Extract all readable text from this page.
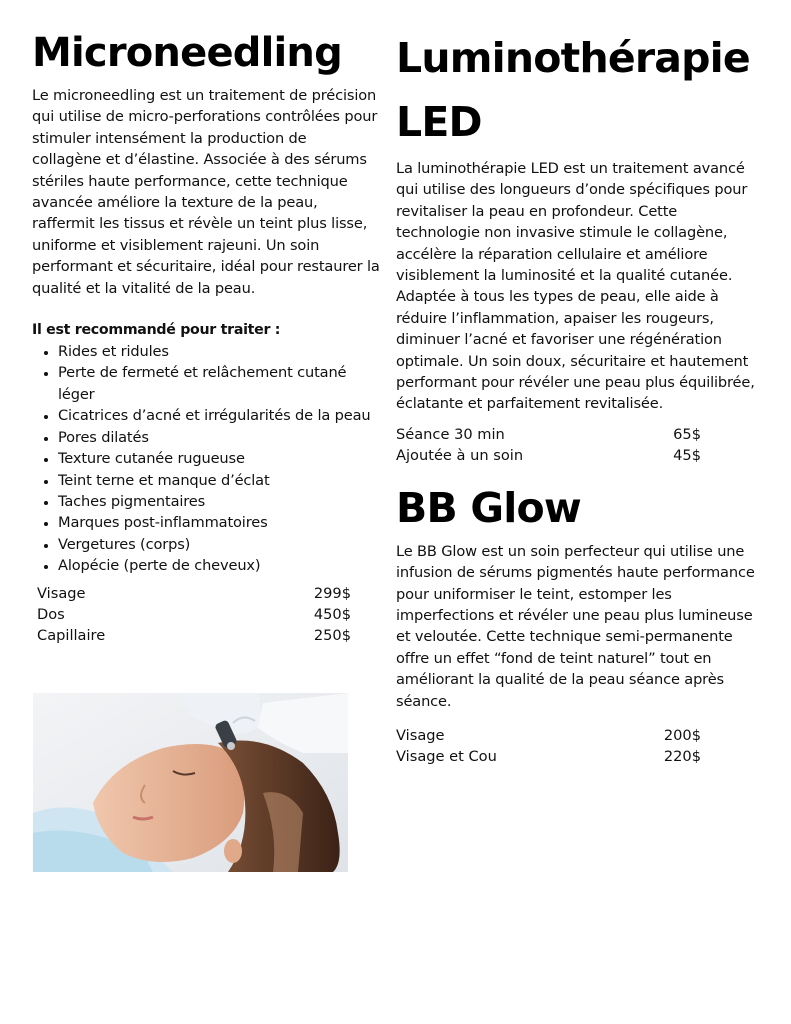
Microneedling

Le microneedling est un traitement de précision qui utilise de micro-perforations contrôlées pour stimuler intensément la production de collagène et d’élastine. Associée à des sérums stériles haute performance, cette technique avancée améliore la texture de la peau, raffermit les tissus et révèle un teint plus lisse, uniforme et visiblement rajeuni. Un soin performant et sécuritaire, idéal pour restaurer la qualité et la vitalité de la peau.

Il est recommandé pour traiter :
• Rides et ridules
• Perte de fermeté et relâchement cutané léger
• Cicatrices d’acné et irrégularités de la peau
• Pores dilatés
• Texture cutanée rugueuse
• Teint terne et manque d’éclat
• Taches pigmentaires
• Marques post-inflammatoires
• Vergetures (corps)
• Alopécie (perte de cheveux)
Visage	299$
Dos	450$
Capillaire	250$
Luminothérapie LED

La luminothérapie LED est un traitement avancé qui utilise des longueurs d’onde spécifiques pour revitaliser la peau en profondeur. Cette technologie non invasive stimule le collagène, accélère la réparation cellulaire et améliore visiblement la luminosité et la qualité cutanée. Adaptée à tous les types de peau, elle aide à réduire l’inflammation, apaiser les rougeurs, diminuer l’acné et favoriser une régénération optimale. Un soin doux, sécuritaire et hautement performant pour révéler une peau plus équilibrée, éclatante et parfaitement revitalisée.

Séance 30 min	65$
Ajoutée à un soin	45$
BB Glow

Le BB Glow est un soin perfecteur qui utilise une infusion de sérums pigmentés haute performance pour uniformiser le teint, estomper les imperfections et révéler une peau plus lumineuse et veloutée. Cette technique semi-permanente offre un effet “fond de teint naturel” tout en améliorant la qualité de la peau séance après séance.

Visage	200$
Visage et Cou	220$
